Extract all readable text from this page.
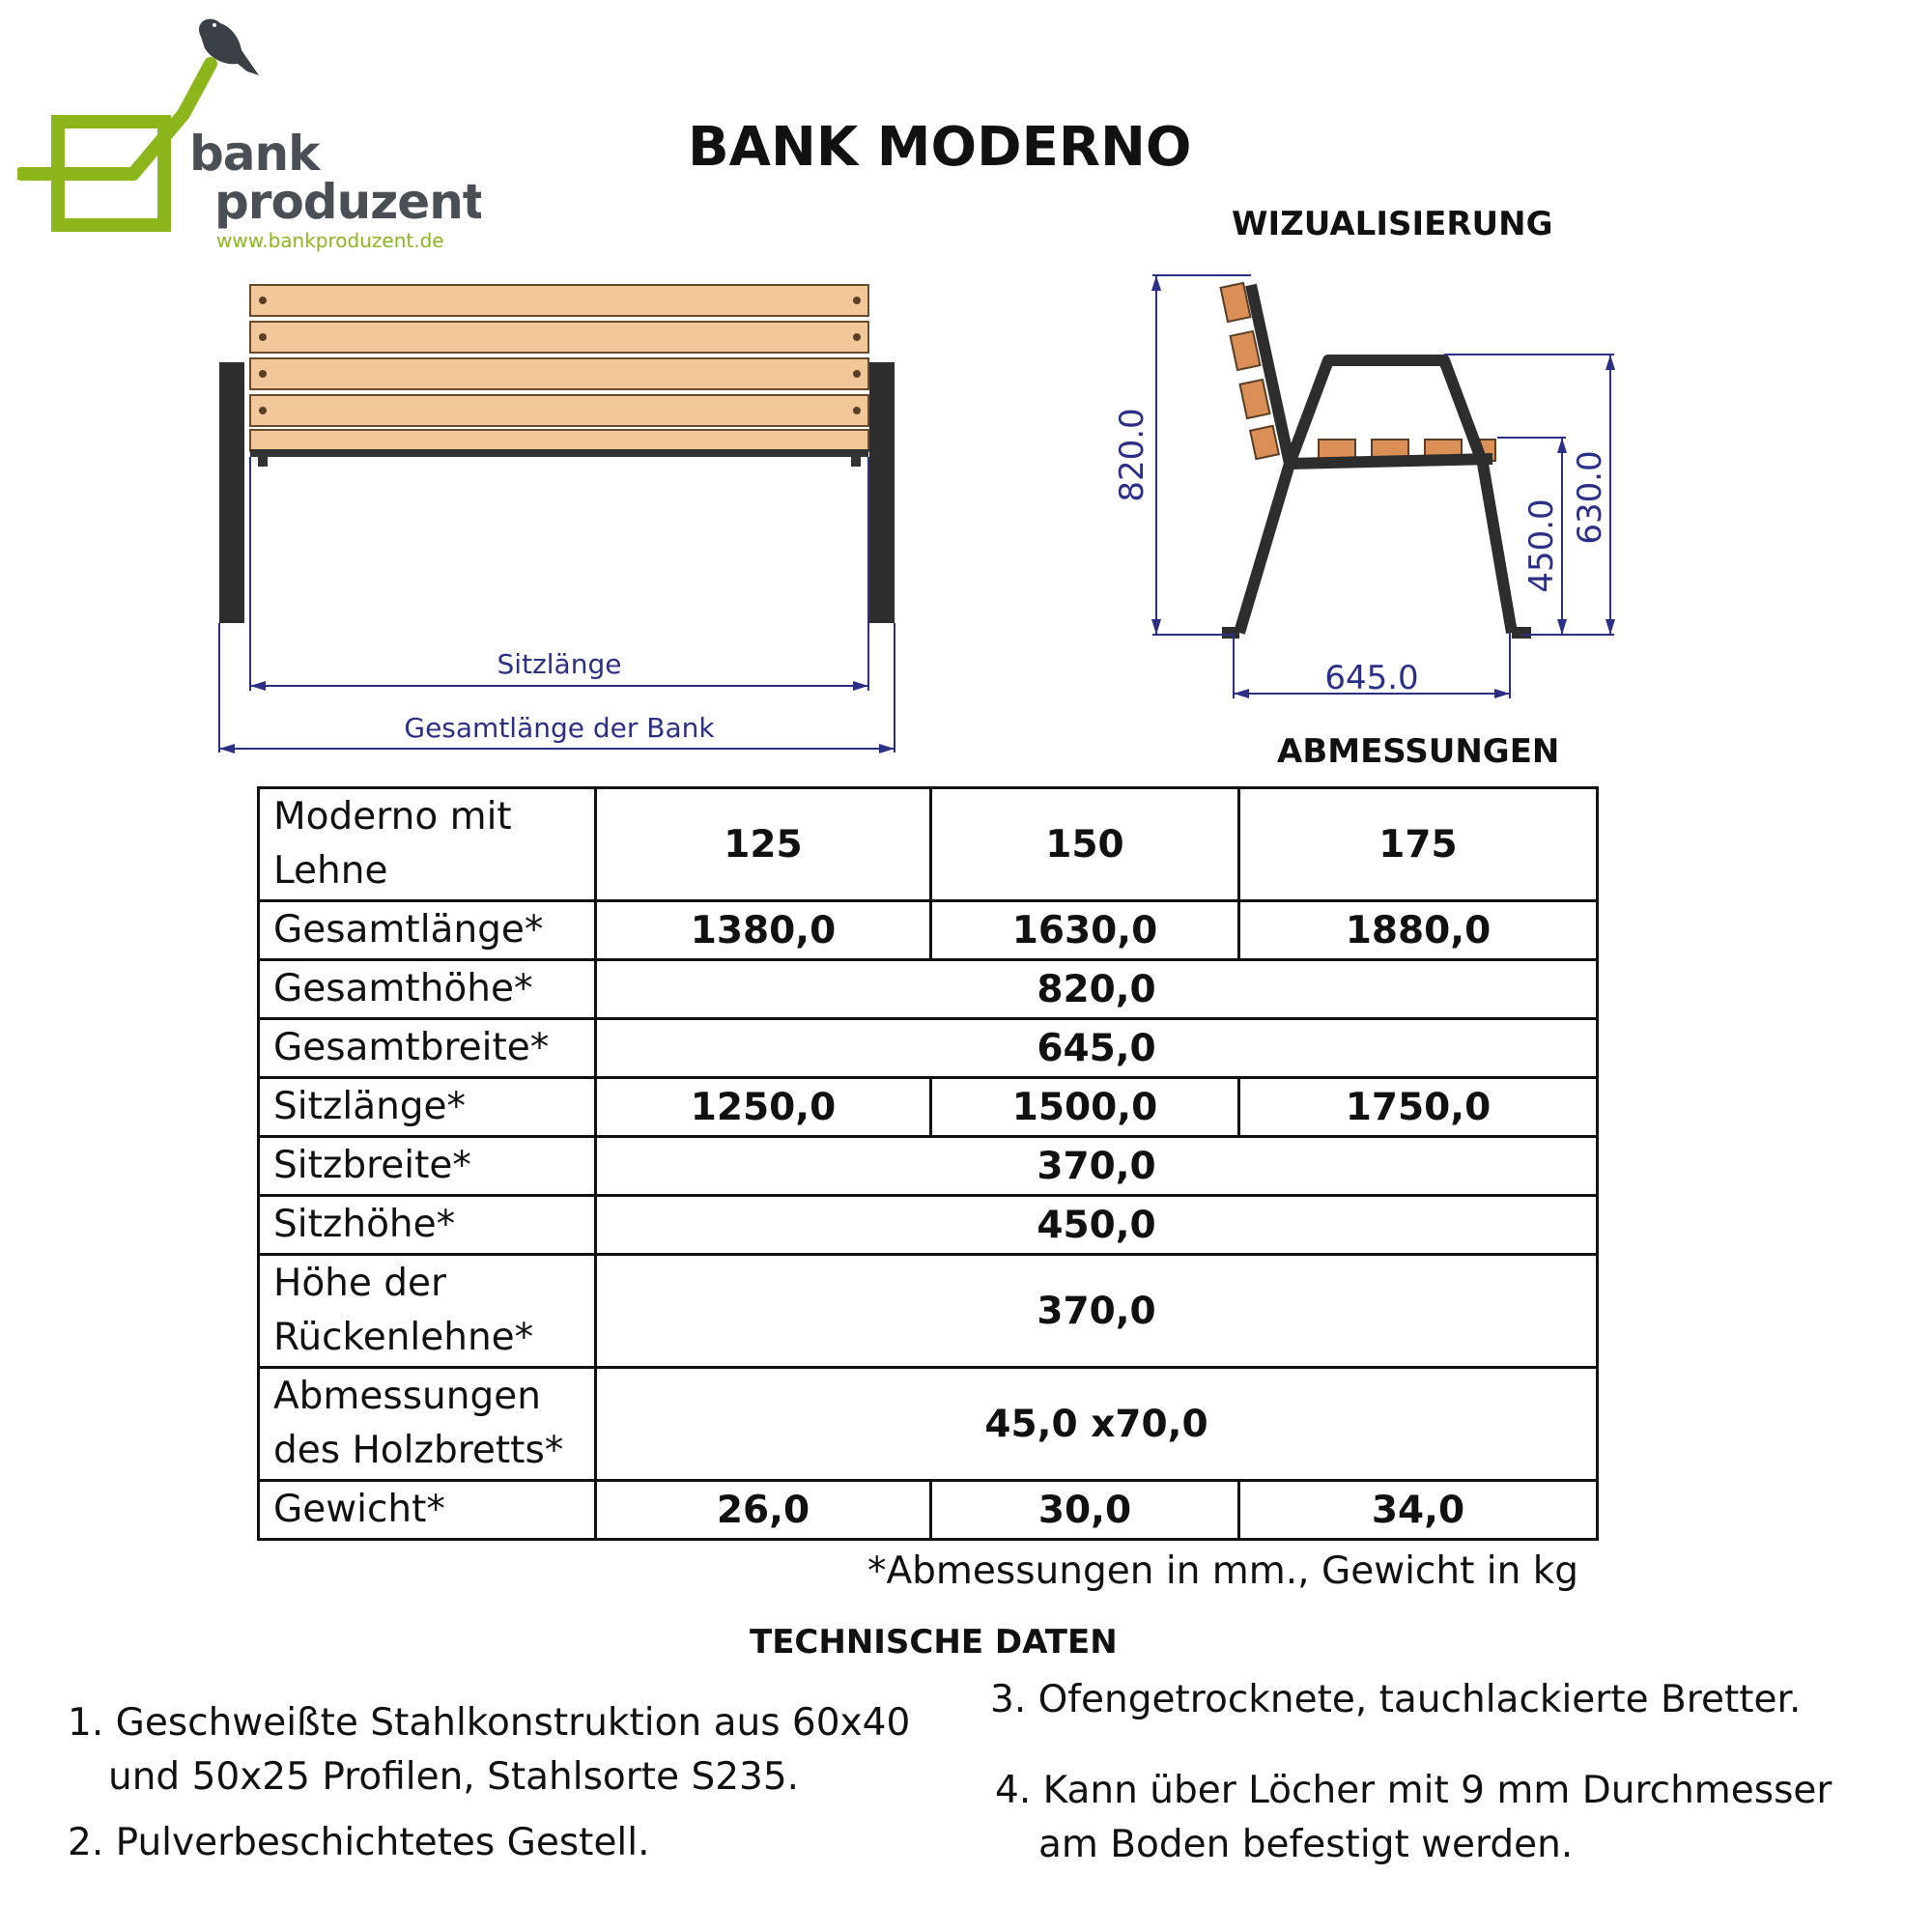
bank
produzent
www.bankproduzent.de
BANK MODERNO
WIZUALISIERUNG
Sitzlänge
Gesamtlänge der Bank
820.0	630.0
450.0
645.0
ABMESSUNGEN
Moderno mit Lehne	125	150	175
Gesamtlänge*	1380,0	1630,0	1880,0
Gesamthöhe*	820,0		
Gesamtbreite*	645,0		
Sitzlänge*	1250,0	1500,0	1750,0
Sitzbreite*	370,0		
Sitzhöhe*	450,0		

Höhe der
Rückenlehne*	370,0		

Abmessungen
des Holzbretts*	45,0 x70,0		
Gewicht*	26,0	30,0	34,0
*Abmessungen in mm., Gewicht in kg
TECHNISCHE DATEN
1. Geschweißte Stahlkonstruktion aus 60x40
und 50x25 Profilen, Stahlsorte S235.
2. Pulverbeschichtetes Gestell.
3. Ofengetrocknete, tauchlackierte Bretter.
4. Kann über Löcher mit 9 mm Durchmesser
am Boden befestigt werden.
